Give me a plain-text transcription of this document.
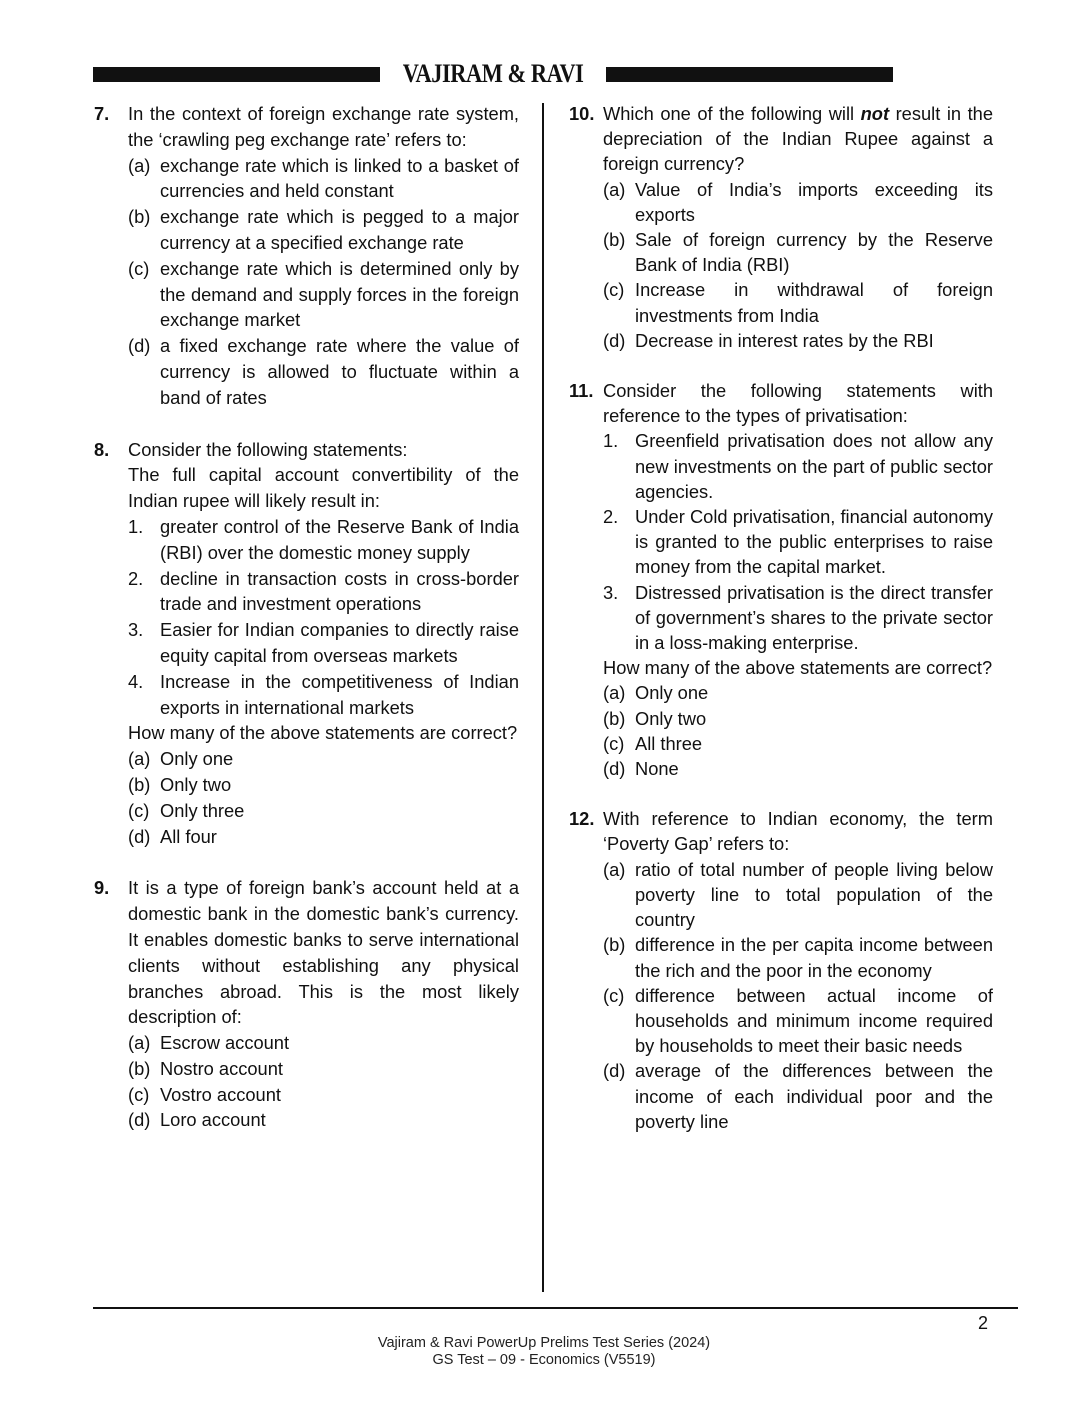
VAJIRAM & RAVI
7.	In the context of foreign exchange rate system, the ‘crawling peg exchange rate’ refers to:
(a) exchange rate which is linked to a basket of currencies and held constant
(b) exchange rate which is pegged to a major currency at a specified exchange rate
(c) exchange rate which is determined only by the demand and supply forces in the foreign exchange market
(d) a fixed exchange rate where the value of currency is allowed to fluctuate within a band of rates
8.	Consider the following statements:
The full capital account convertibility of the Indian rupee will likely result in:
1. greater control of the Reserve Bank of India (RBI) over the domestic money supply
2. decline in transaction costs in cross-border trade and investment operations
3. Easier for Indian companies to directly raise equity capital from overseas markets
4. Increase in the competitiveness of Indian exports in international markets
How many of the above statements are correct?
(a) Only one
(b) Only two
(c) Only three
(d) All four
9.	It is a type of foreign bank’s account held at a domestic bank in the domestic bank’s currency. It enables domestic banks to serve international clients without establishing any physical branches abroad. This is the most likely description of:
(a) Escrow account
(b) Nostro account
(c) Vostro account
(d) Loro account
10. Which one of the following will not result in the depreciation of the Indian Rupee against a foreign currency?
(a) Value of India’s imports exceeding its exports
(b) Sale of foreign currency by the Reserve Bank of India (RBI)
(c) Increase in withdrawal of foreign investments from India
(d) Decrease in interest rates by the RBI
11. Consider the following statements with reference to the types of privatisation:
1. Greenfield privatisation does not allow any new investments on the part of public sector agencies.
2. Under Cold privatisation, financial autonomy is granted to the public enterprises to raise money from the capital market.
3. Distressed privatisation is the direct transfer of government’s shares to the private sector in a loss-making enterprise.
How many of the above statements are correct?
(a) Only one
(b) Only two
(c) All three
(d) None
12. With reference to Indian economy, the term ‘Poverty Gap’ refers to:
(a) ratio of total number of people living below poverty line to total population of the country
(b) difference in the per capita income between the rich and the poor in the economy
(c) difference between actual income of households and minimum income required by households to meet their basic needs
(d) average of the differences between the income of each individual poor and the poverty line
2
Vajiram & Ravi PowerUp Prelims Test Series (2024)
GS Test – 09 - Economics (V5519)
